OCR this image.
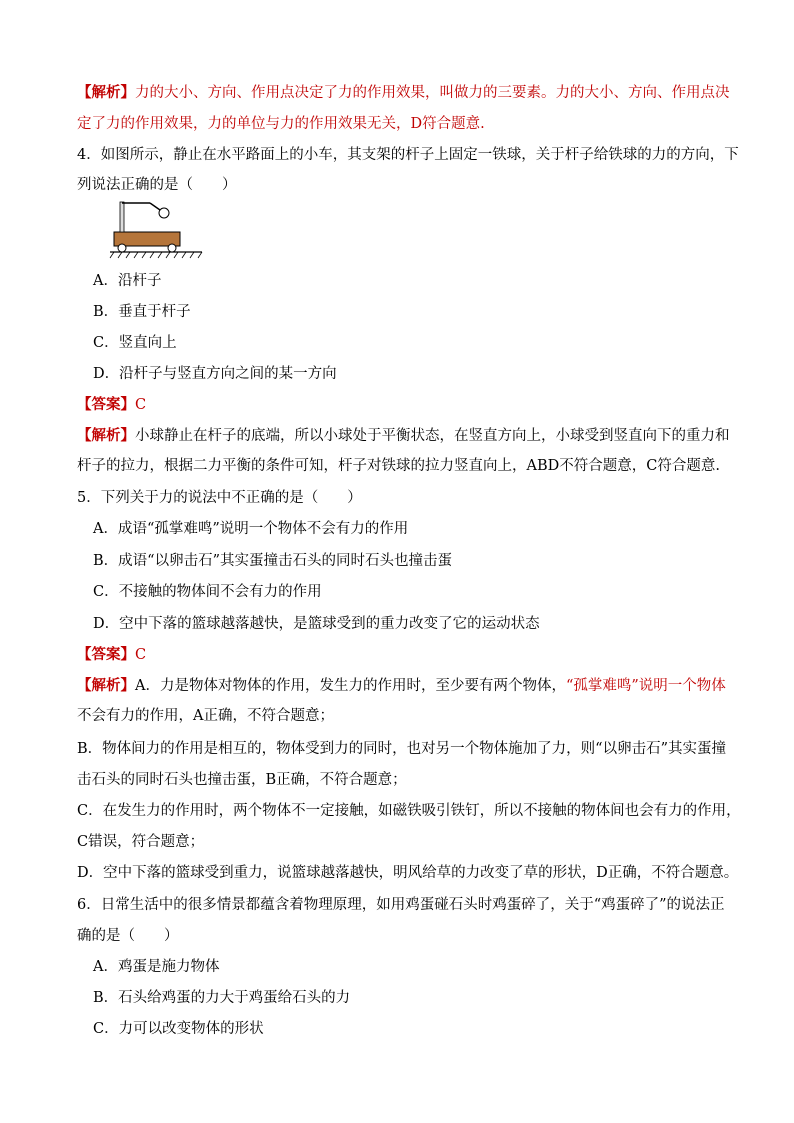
【解析】力的大小、方向、作用点决定了力的作用效果，叫做力的三要素。力的大小、方向、作用点决
定了力的作用效果，力的单位与力的作用效果无关，D符合题意.
4．如图所示，静止在水平路面上的小车，其支架的杆子上固定一铁球，关于杆子给铁球的力的方向，下
列说法正确的是（　　）
A．沿杆子
B．垂直于杆子
C．竖直向上
D．沿杆子与竖直方向之间的某一方向
【答案】C
【解析】小球静止在杆子的底端，所以小球处于平衡状态，在竖直方向上，小球受到竖直向下的重力和
杆子的拉力，根据二力平衡的条件可知，杆子对铁球的拉力竖直向上，ABD不符合题意，C符合题意.
5．下列关于力的说法中不正确的是（　　）
A．成语“孤掌难鸣”说明一个物体不会有力的作用
B．成语“以卵击石”其实蛋撞击石头的同时石头也撞击蛋
C．不接触的物体间不会有力的作用
D．空中下落的篮球越落越快，是篮球受到的重力改变了它的运动状态
【答案】C
【解析】A．力是物体对物体的作用，发生力的作用时，至少要有两个物体，“孤掌难鸣”说明一个物体
不会有力的作用，A正确，不符合题意；
B．物体间力的作用是相互的，物体受到力的同时，也对另一个物体施加了力，则“以卵击石”其实蛋撞
击石头的同时石头也撞击蛋，B正确，不符合题意；
C．在发生力的作用时，两个物体不一定接触，如磁铁吸引铁钉，所以不接触的物体间也会有力的作用，
C错误，符合题意；
D．空中下落的篮球受到重力，说篮球越落越快，明风给草的力改变了草的形状，D正确，不符合题意。
6．日常生活中的很多情景都蕴含着物理原理，如用鸡蛋碰石头时鸡蛋碎了，关于“鸡蛋碎了”的说法正
确的是（　　）
A．鸡蛋是施力物体
B．石头给鸡蛋的力大于鸡蛋给石头的力
C．力可以改变物体的形状
